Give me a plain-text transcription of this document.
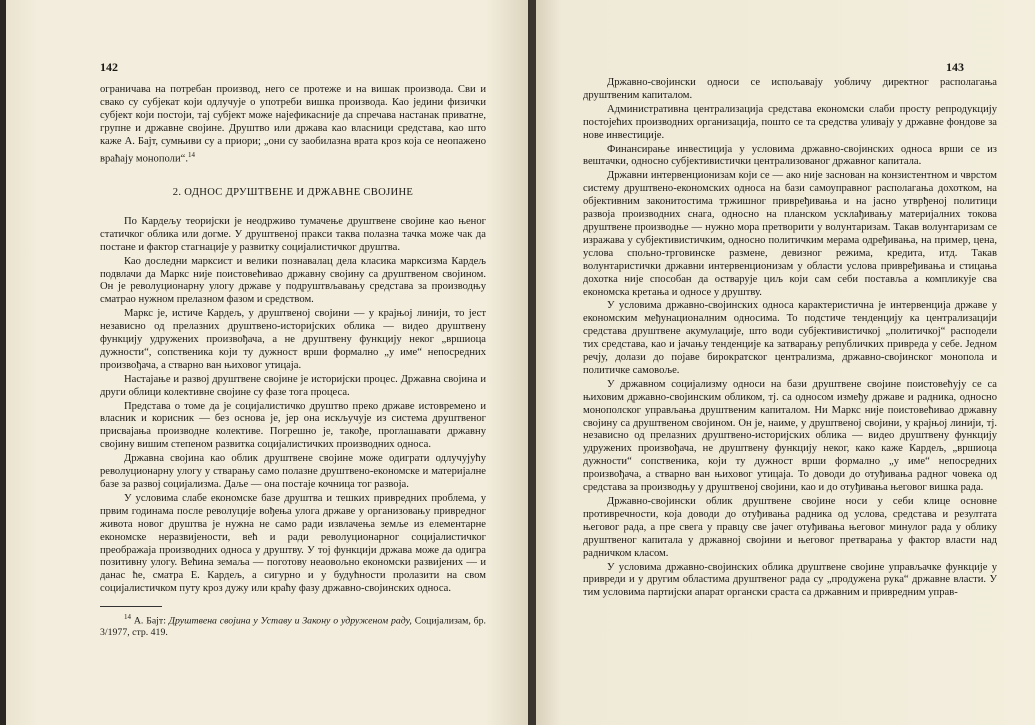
142

ограничава на потребан производ, него се протеже и на вишак производа. Сви и свако су субјекат који одлучује о употреби вишка производа. Као једини физички субјект који постоји, тај субјект може најефикасније да спречава настанак приватне, групне и државне својине. Друштво или држава као власници средстава, као што каже А. Бајт, сумњиви су а приори; „они су заобилазна врата кроз која се неопажено враћају монополи“.$^{14}$

2. ОДНОС ДРУШТВЕНЕ И ДРЖАВНЕ СВОЈИНЕ

По Кардељу теоријски је неодрживо тумачење друштвене својине као њеног статичког облика или догме. У друштвеној пракси таква полазна тачка може чак да постане и фактор стагнације у развитку социјалистичког друштва.

Као доследни марксист и велики познавалац дела класика марксизма Кардељ подвлачи да Маркс није поистовећивао државну својину са друштвеном својином. Он је револуционарну улогу државе у подруштвљавању средстава за производњу сматрао нужном прелазном фазом и средством.

Маркс је, истиче Кардељ, у друштвеној својини — у крајњој линији, то јест независно од прелазних друштвено-историјских облика — видео друштвену функцију удружених произвођача, а не друштвену функцију неког „вршиоца дужности“, сопственика који ту дужност врши формално „у име“ непосредних произвођача, а стварно ван њиховог утицаја.

Настајање и развој друштвене својине је историјски процес. Државна својина и други облици колективне својине су фазе тога процеса.

Представа о томе да је социјалистичко друштво преко државе истовремено и власник и корисник — без основа је, јер она искључује из система друштвеног присвајања производне колективе. Погрешно је, такође, проглашавати државну својину вишим степеном развитка социјалистичких производних односа.

Државна својина као облик друштвене својине може одиграти одлучујућу револуционарну улогу у стварању само полазне друштвено-економске и материјалне базе за развој социјализма. Даље — она постаје кочница тог развоја.

У условима слабе економске базе друштва и тешких привредних проблема, у првим годинама после револуције вођења улога државе у организовању привредног живота новог друштва је нужна не само ради извлачења земље из елементарне економске неразвијености, већ и ради револуционарног социјалистичког преображаја производних односа у друштву. У тој функцији држава може да одигра позитивну улогу. Већина земаља — поготову неаовољно економски развијених — и данас ће, сматра Е. Кардељ, а сигурно и у будућности пролазити на свом социјалистичком путу кроз дужу или краћу фазу државно-својинских односа.

$^{14}$ А. Бајт: Друштвена својина у Уставу и Закону о удруженом раду, Социјализам, бр. 3/1977, стр. 419.

143

Државно-својински односи се испољавају уобличу директног располагања друштвеним капиталом.

Административна централизација средстава економски слаби просту репродукцију постојећих производних организација, пошто се та средства уливају у државне фондове за нове инвестиције.

Финансирање инвестиција у условима државно-својинских односа врши се из вештачки, односно субјективистички централизованог државног капитала.

Државни интервенционизам који се — ако није заснован на конзистентном и чврстом систему друштвено-економских односа на бази самоуправног располагања дохотком, на објективним законитостима тржишног привређивања и на јасно утврђеној политици развоја производних снага, односно на планском усклађивању материјалних токова друштвене производње — нужно мора претворити у волунтаризам. Такав волунтаризам се изражава у субјективистичким, односно политичким мерама одређивања, на пример, цена, услова спољно-трговинске размене, девизног режима, кредита, итд. Такав волунтаристички државни интервенционизам у области услова привређивања и стицања дохотка није способан да остварује циљ који сам себи поставља а компликује сва економска кретања и односе у друштву.

У условима државно-својинских односа карактеристична је интервенција државе у економским међунационалним односима. То подстиче тенденцију ка централизацији средстава друштвене акумулације, што води субјективистичкој „политичкој“ расподели тих средстава, као и јачању тенденције ка затварању републичких привреда у себе. Једном речју, долази до појаве бирократског централизма, државно-својинског монопола и политичке самовоље.

У државном социјализму односи на бази друштвене својине поистовећују се са њиховим државно-својинским обликом, тј. са односом између државе и радника, односно монополског управљања друштвеним капиталом. Ни Маркс није поистовећивао државну својину са друштвеном својином. Он је, наиме, у друштвеној својини, у крајњој линији, тј. независно од прелазних друштвено-историјских облика — видео друштвену функцију удружених произвођача, не друштвену функцију неког, како каже Кардељ, „вршиоца дужности“ сопственика, који ту дужност врши формално „у име“ непосредних произвођача, а стварно ван њиховог утицаја. То доводи до отуђивања радног човека од средстава за производњу у друштвеној својини, као и до отуђивања његовог вишка рада.

Државно-својински облик друштвене својине носи у себи клице основне противречности, која доводи до отуђивања радника од услова, средстава и резултата његовог рада, а пре свега у правцу све јачег отуђивања његовог минулог рада у облику друштвеног капитала у државној својини и његовог претварања у фактор власти над радничком класом.

У условима државно-својинских облика друштвене својине управљачке функције у привреди и у другим областима друштвеног рада су „продужена рука“ државне власти. У тим условима партијски апарат органски сраста са државним и привредним управ-
